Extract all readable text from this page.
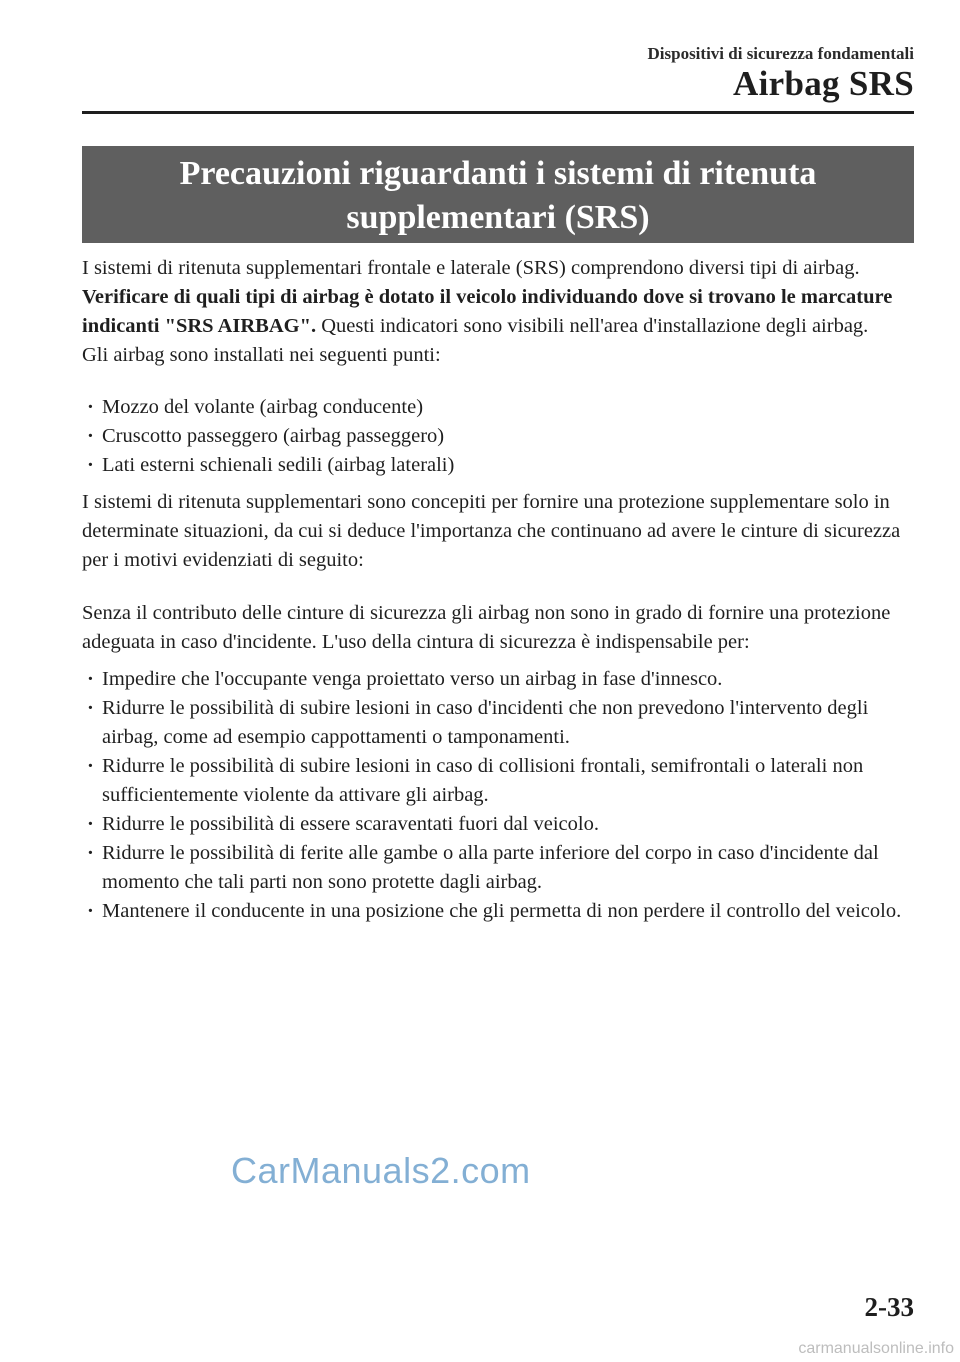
Dispositivi di sicurezza fondamentali
Airbag SRS
Precauzioni riguardanti i sistemi di ritenuta
supplementari (SRS)

I sistemi di ritenuta supplementari frontale e laterale (SRS) comprendono diversi tipi di airbag. Verificare di quali tipi di airbag è dotato il veicolo individuando dove si trovano le marcature indicanti "SRS AIRBAG". Questi indicatori sono visibili nell'area d'installazione degli airbag.

Gli airbag sono installati nei seguenti punti:

· Mozzo del volante (airbag conducente)
· Cruscotto passeggero (airbag passeggero)
· Lati esterni schienali sedili (airbag laterali)

I sistemi di ritenuta supplementari sono concepiti per fornire una protezione supplementare solo in determinate situazioni, da cui si deduce l'importanza che continuano ad avere le cinture di sicurezza per i motivi evidenziati di seguito:

Senza il contributo delle cinture di sicurezza gli airbag non sono in grado di fornire una protezione adeguata in caso d'incidente. L'uso della cintura di sicurezza è indispensabile per:

· Impedire che l'occupante venga proiettato verso un airbag in fase d'innesco.
· Ridurre le possibilità di subire lesioni in caso d'incidenti che non prevedono l'intervento degli airbag, come ad esempio cappottamenti o tamponamenti.
· Ridurre le possibilità di subire lesioni in caso di collisioni frontali, semifrontali o laterali non sufficientemente violente da attivare gli airbag.
· Ridurre le possibilità di essere scaraventati fuori dal veicolo.
· Ridurre le possibilità di ferite alle gambe o alla parte inferiore del corpo in caso d'incidente dal momento che tali parti non sono protette dagli airbag.
· Mantenere il conducente in una posizione che gli permetta di non perdere il controllo del veicolo.
CarManuals2.com
2-33
carmanualsonline.info
